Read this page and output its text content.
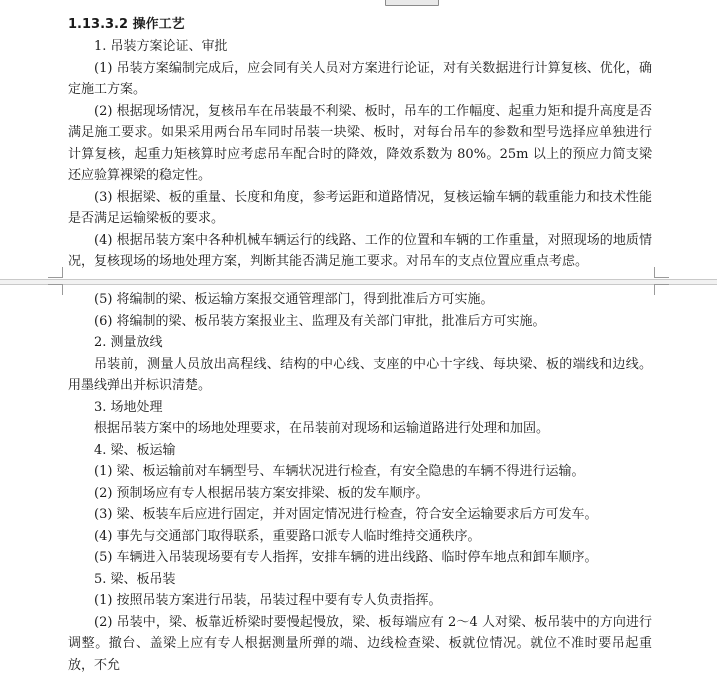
1.13.3.2 操作工艺

1. 吊装方案论证、审批

(1) 吊装方案编制完成后，应会同有关人员对方案进行论证，对有关数据进行计算复核、优化，确定施工方案。

(2) 根据现场情况，复核吊车在吊装最不利梁、板时，吊车的工作幅度、起重力矩和提升高度是否满足施工要求。如果采用两台吊车同时吊装一块梁、板时，对每台吊车的参数和型号选择应单独进行计算复核，起重力矩核算时应考虑吊车配合时的降效，降效系数为 80%。25m 以上的预应力简支梁还应验算裸梁的稳定性。

(3) 根据梁、板的重量、长度和角度，参考运距和道路情况，复核运输车辆的载重能力和技术性能是否满足运输梁板的要求。

(4) 根据吊装方案中各种机械车辆运行的线路、工作的位置和车辆的工作重量，对照现场的地质情况，复核现场的场地处理方案，判断其能否满足施工要求。对吊车的支点位置应重点考虑。

(5) 将编制的梁、板运输方案报交通管理部门，得到批准后方可实施。

(6) 将编制的梁、板吊装方案报业主、监理及有关部门审批，批准后方可实施。

2. 测量放线

吊装前，测量人员放出高程线、结构的中心线、支座的中心十字线、每块梁、板的端线和边线。用墨线弹出并标识清楚。

3. 场地处理

根据吊装方案中的场地处理要求，在吊装前对现场和运输道路进行处理和加固。

4. 梁、板运输

(1) 梁、板运输前对车辆型号、车辆状况进行检查，有安全隐患的车辆不得进行运输。

(2) 预制场应有专人根据吊装方案安排梁、板的发车顺序。

(3) 梁、板装车后应进行固定，并对固定情况进行检查，符合安全运输要求后方可发车。

(4) 事先与交通部门取得联系，重要路口派专人临时维持交通秩序。

(5) 车辆进入吊装现场要有专人指挥，安排车辆的进出线路、临时停车地点和卸车顺序。

5. 梁、板吊装

(1) 按照吊装方案进行吊装，吊装过程中要有专人负责指挥。

(2) 吊装中，梁、板靠近桥梁时要慢起慢放，梁、板每端应有 2～4 人对梁、板吊装中的方向进行调整。撤台、盖梁上应有专人根据测量所弹的端、边线检查梁、板就位情况。就位不准时要吊起重放，不允
